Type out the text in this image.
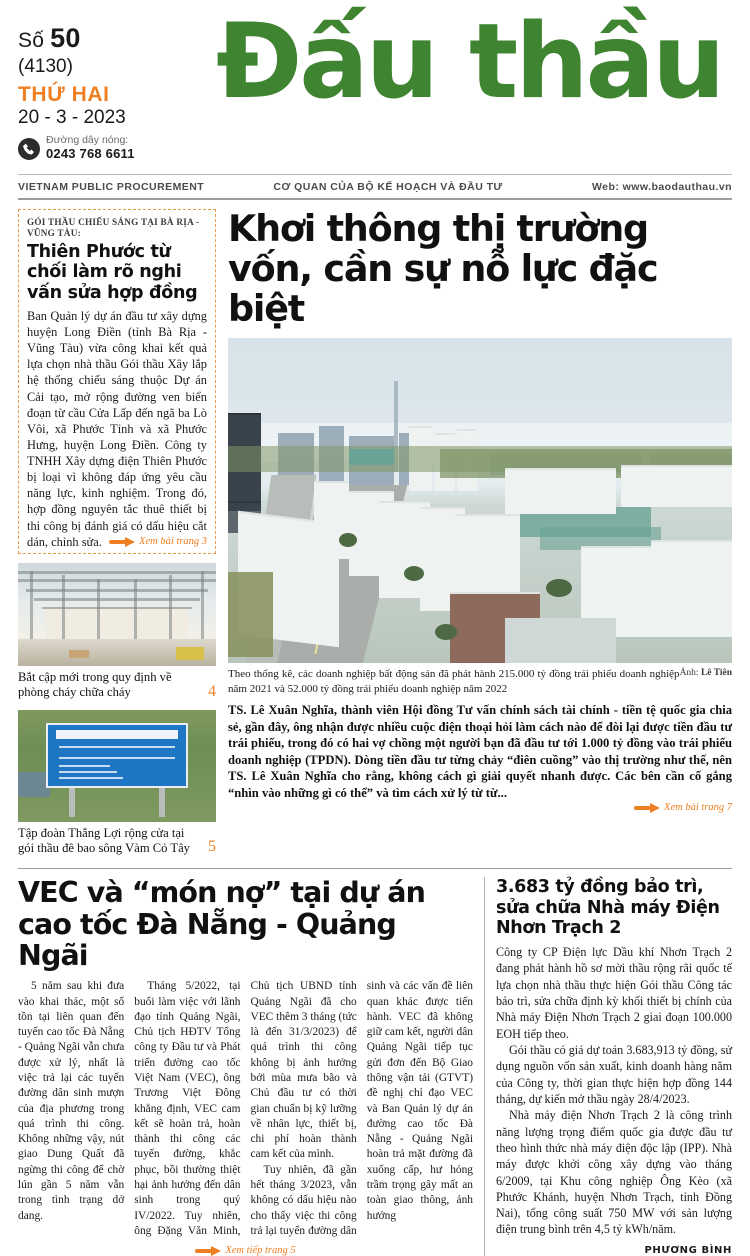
Số 50
(4130)
THỨ HAI
20 - 3 - 2023
Đường dây nóng:
0243 768 6611
Đấu thầu
VIETNAM PUBLIC PROCUREMENT	CƠ QUAN CỦA BỘ KẾ HOẠCH VÀ ĐẦU TƯ	Web: www.baodauthau.vn
GÓI THẦU CHIẾU SÁNG TẠI BÀ RỊA - VŨNG TÀU:
Thiên Phước từ chối làm rõ nghi vấn sửa hợp đồng
Ban Quản lý dự án đầu tư xây dựng huyện Long Điền (tỉnh Bà Rịa - Vũng Tàu) vừa công khai kết quả lựa chọn nhà thầu Gói thầu Xây lắp hệ thống chiếu sáng thuộc Dự án Cải tạo, mở rộng đường ven biển đoạn từ cầu Cửa Lấp đến ngã ba Lò Vôi, xã Phước Tỉnh và xã Phước Hưng, huyện Long Điền. Công ty TNHH Xây dựng điện Thiên Phước bị loại vì không đáp ứng yêu cầu năng lực, kinh nghiệm. Trong đó, hợp đồng nguyên tắc thuê thiết bị thi công bị đánh giá có dấu hiệu cắt dán, chỉnh sửa.	Xem bài trang 3
Bắt cập mới trong quy định về phòng cháy chữa cháy	4
Tập đoàn Thắng Lợi rộng cửa tại gói thầu đê bao sông Vàm Cỏ Tây	5
Khơi thông thị trường vốn, cần sự nỗ lực đặc biệt
Ảnh: Lê Tiên
Theo thống kê, các doanh nghiệp bất động sản đã phát hành 215.000 tỷ đồng trái phiếu doanh nghiệp năm 2021 và 52.000 tỷ đồng trái phiếu doanh nghiệp năm 2022
TS. Lê Xuân Nghĩa, thành viên Hội đồng Tư vấn chính sách tài chính - tiền tệ quốc gia chia sẻ, gần đây, ông nhận được nhiều cuộc điện thoại hỏi làm cách nào để đòi lại được tiền đầu tư trái phiếu, trong đó có hai vợ chồng một người bạn đã đầu tư tới 1.000 tỷ đồng vào trái phiếu doanh nghiệp (TPDN). Dòng tiền đầu tư từng chảy “điên cuồng” vào thị trường như thế, nên TS. Lê Xuân Nghĩa cho rằng, không cách gì giải quyết nhanh được. Các bên cần cố gắng “nhìn vào những gì có thể” và tìm cách xử lý từ từ...
Xem bài trang 7
VEC và “món nợ” tại dự án cao tốc Đà Nẵng - Quảng Ngãi

5 năm sau khi đưa vào khai thác, một số tồn tại liên quan đến tuyến cao tốc Đà Nẵng - Quảng Ngãi vẫn chưa được xử lý, nhất là việc trả lại các tuyến đường dân sinh mượn của địa phương trong quá trình thi công. Không những vậy, nút giao Dung Quất đã ngừng thi công để chờ lún gần 5 năm vẫn trong tình trạng dở dang.

Tháng 5/2022, tại buổi làm việc với lãnh đạo tỉnh Quảng Ngãi, Chủ tịch HĐTV Tổng công ty Đầu tư và Phát triển đường cao tốc Việt Nam (VEC), ông Trương Việt Đông khẳng định, VEC cam kết sẽ hoàn trả, hoàn thành thi công các tuyến đường, khắc phục, bồi thường thiệt hại ảnh hưởng đến dân sinh trong quý IV/2022. Tuy nhiên, ông Đặng Văn Minh, Chủ tịch UBND tỉnh Quảng Ngãi đã cho VEC thêm 3 tháng (tức là đến 31/3/2023) để quá trình thi công không bị ảnh hưởng bởi mùa mưa bão và Chủ đầu tư có thời gian chuẩn bị kỹ lưỡng về nhân lực, thiết bị, chi phí hoàn thành cam kết của mình.

Tuy nhiên, đã gần hết tháng 3/2023, vẫn không có dấu hiệu nào cho thấy việc thi công trả lại tuyến đường dân sinh và các vấn đề liên quan khác được tiến hành. VEC đã không giữ cam kết, người dân Quảng Ngãi tiếp tục gửi đơn đến Bộ Giao thông vận tải (GTVT) đề nghị chỉ đạo VEC và Ban Quản lý dự án đường cao tốc Đà Nẵng - Quảng Ngãi hoàn trả mặt đường đã xuống cấp, hư hỏng trầm trọng gây mất an toàn giao thông, ảnh hưởng

Xem tiếp trang 5
3.683 tỷ đồng bảo trì, sửa chữa Nhà máy Điện Nhơn Trạch 2

Công ty CP Điện lực Dầu khí Nhơn Trạch 2 đang phát hành hồ sơ mời thầu rộng rãi quốc tế lựa chọn nhà thầu thực hiện Gói thầu Công tác bảo trì, sửa chữa định kỳ khối thiết bị chính của Nhà máy Điện Nhơn Trạch 2 giai đoạn 100.000 EOH tiếp theo.

Gói thầu có giá dự toán 3.683,913 tỷ đồng, sử dụng nguồn vốn sản xuất, kinh doanh hàng năm của Công ty, thời gian thực hiện hợp đồng 144 tháng, dự kiến mở thầu ngày 28/4/2023.

Nhà máy điện Nhơn Trạch 2 là công trình năng lượng trọng điểm quốc gia được đầu tư theo hình thức nhà máy điện độc lập (IPP). Nhà máy được khởi công xây dựng vào tháng 6/2009, tại Khu công nghiệp Ông Kèo (xã Phước Khánh, huyện Nhơn Trạch, tỉnh Đồng Nai), tổng công suất 750 MW với sản lượng điện trung bình trên 4,5 tỷ kWh/năm.

PHƯƠNG BÌNH
